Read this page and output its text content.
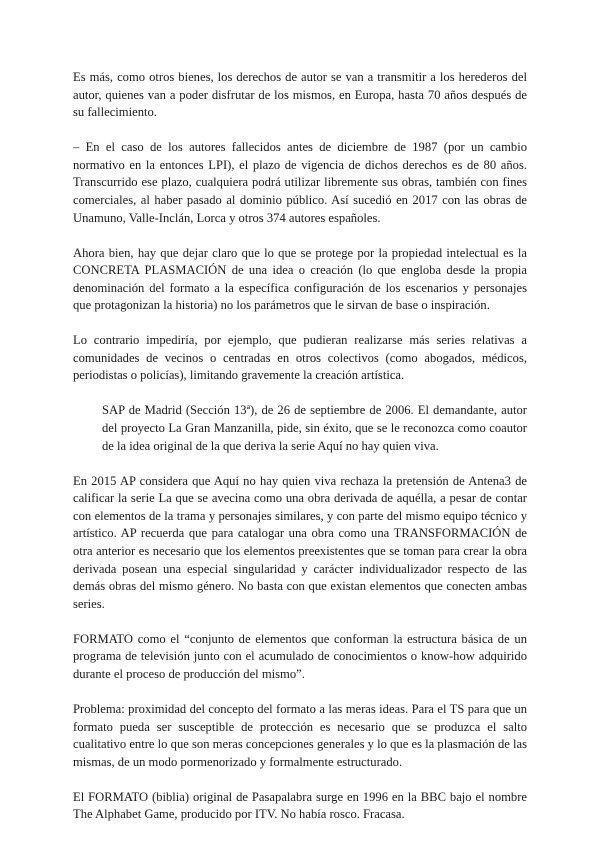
Es más, como otros bienes, los derechos de autor se van a transmitir a los herederos del autor, quienes van a poder disfrutar de los mismos, en Europa, hasta 70 años después de su fallecimiento.

– En el caso de los autores fallecidos antes de diciembre de 1987 (por un cambio normativo en la entonces LPI), el plazo de vigencia de dichos derechos es de 80 años. Transcurrido ese plazo, cualquiera podrá utilizar libremente sus obras, también con fines comerciales, al haber pasado al dominio público. Así sucedió en 2017 con las obras de Unamuno, Valle-Inclán, Lorca y otros 374 autores españoles.

Ahora bien, hay que dejar claro que lo que se protege por la propiedad intelectual es la CONCRETA PLASMACIÓN de una idea o creación (lo que engloba desde la propia denominación del formato a la específica configuración de los escenarios y personajes que protagonizan la historia) no los parámetros que le sirvan de base o inspiración.

Lo contrario impediría, por ejemplo, que pudieran realizarse más series relativas a comunidades de vecinos o centradas en otros colectivos (como abogados, médicos, periodistas o policías), limitando gravemente la creación artística.

SAP de Madrid (Sección 13ª), de 26 de septiembre de 2006. El demandante, autor del proyecto La Gran Manzanilla, pide, sin éxito, que se le reconozca como coautor de la idea original de la que deriva la serie Aquí no hay quien viva.

En 2015 AP considera que Aquí no hay quien viva rechaza la pretensión de Antena3 de calificar la serie La que se avecina como una obra derivada de aquélla, a pesar de contar con elementos de la trama y personajes similares, y con parte del mismo equipo técnico y artístico. AP recuerda que para catalogar una obra como una TRANSFORMACIÓN de otra anterior es necesario que los elementos preexistentes que se toman para crear la obra derivada posean una especial singularidad y carácter individualizador respecto de las demás obras del mismo género. No basta con que existan elementos que conecten ambas series.

FORMATO como el “conjunto de elementos que conforman la estructura básica de un programa de televisión junto con el acumulado de conocimientos o know-how adquirido durante el proceso de producción del mismo”.

Problema: proximidad del concepto del formato a las meras ideas. Para el TS para que un formato pueda ser susceptible de protección es necesario que se produzca el salto cualitativo entre lo que son meras concepciones generales y lo que es la plasmación de las mismas, de un modo pormenorizado y formalmente estructurado.

El FORMATO (biblia) original de Pasapalabra surge en 1996 en la BBC bajo el nombre The Alphabet Game, producido por ITV. No había rosco. Fracasa.
